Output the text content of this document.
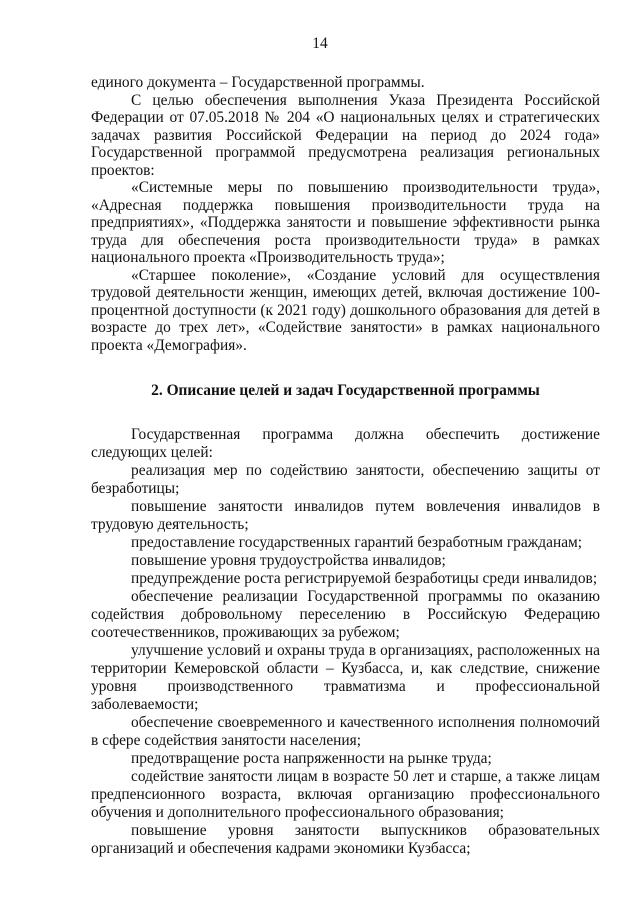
14

единого документа – Государственной программы.

С целью обеспечения выполнения Указа Президента Российской Федерации от 07.05.2018 № 204 «О национальных целях и стратегических задачах развития Российской Федерации на период до 2024 года» Государственной программой предусмотрена реализация региональных проектов:

«Системные меры по повышению производительности труда», «Адресная поддержка повышения производительности труда на предприятиях», «Поддержка занятости и повышение эффективности рынка труда для обеспечения роста производительности труда» в рамках национального проекта «Производительность труда»;

«Старшее поколение», «Создание условий для осуществления трудовой деятельности женщин, имеющих детей, включая достижение 100-процентной доступности (к 2021 году) дошкольного образования для детей в возрасте до трех лет», «Содействие занятости» в рамках национального проекта «Демография».

2. Описание целей и задач Государственной программы

Государственная программа должна обеспечить достижение следующих целей:

реализация мер по содействию занятости, обеспечению защиты от безработицы;

повышение занятости инвалидов путем вовлечения инвалидов в трудовую деятельность;

предоставление государственных гарантий безработным гражданам;

повышение уровня трудоустройства инвалидов;

предупреждение роста регистрируемой безработицы среди инвалидов;

обеспечение реализации Государственной программы по оказанию содействия добровольному переселению в Российскую Федерацию соотечественников, проживающих за рубежом;

улучшение условий и охраны труда в организациях, расположенных на территории Кемеровской области – Кузбасса, и, как следствие, снижение уровня производственного травматизма и профессиональной заболеваемости;

обеспечение своевременного и качественного исполнения полномочий в сфере содействия занятости населения;

предотвращение роста напряженности на рынке труда;

содействие занятости лицам в возрасте 50 лет и старше, а также лицам предпенсионного возраста, включая организацию профессионального обучения и дополнительного профессионального образования;

повышение уровня занятости выпускников образовательных организаций и обеспечения кадрами экономики Кузбасса;
